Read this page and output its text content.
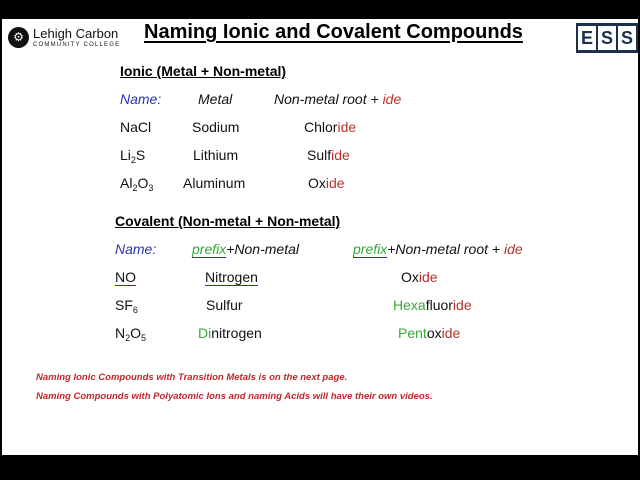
⚙ Lehigh Carbon
COMMUNITY COLLEGE
Naming Ionic and Covalent Compounds	E S S
Ionic (Metal + Non-metal)
Name:	Metal	Non-metal root + ide
NaCl	Sodium	Chloride
$Li_2S$	Lithium	Sulfide
$Al_2O_3$ Aluminum	Oxide
Covalent (Non-metal + Non-metal)
Name:	prefix+Non-metal	prefix+Non-metal root + ide
NO	Nitrogen	Oxide
$SF_6$	Sulfur	Hexafluoride
$N_2O_5$	Dinitrogen	Pentoxide
Naming Ionic Compounds with Transition Metals is on the next page.
Naming Compounds with Polyatomic Ions and naming Acids will have their own videos.
